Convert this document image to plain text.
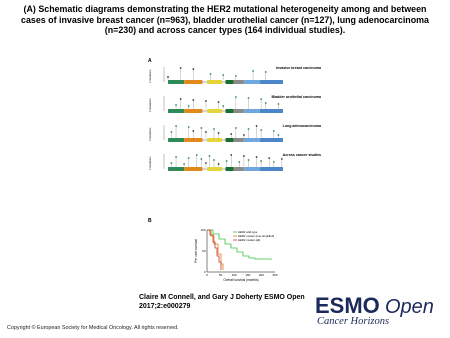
(A) Schematic diagrams demonstrating the HER2 mutational heterogeneity among and between
cases of invasive breast cancer (n=963), bladder urothelial cancer (n=127), lung adenocarcinoma
(n=230) and across cancer types (164 individual studies).
A
Invasive breast carcinoma
# mutations
Bladder urothelial carcinoma
# mutations
Lung adenocarcinoma
# mutations
Across cancer studies
# mutations
B
0	50	100	150	200	250
0
50
100
Overall survival (months)
Per cent survival
HER2 wild-type
HER2 mutant (non-amplified)
HER2 mutant (all)
Claire M Connell, and Gary J Doherty ESMO Open
2017;2:e000279
Copyright © European Society for Medical Oncology. All rights reserved.
ESMO Open
Cancer Horizons
